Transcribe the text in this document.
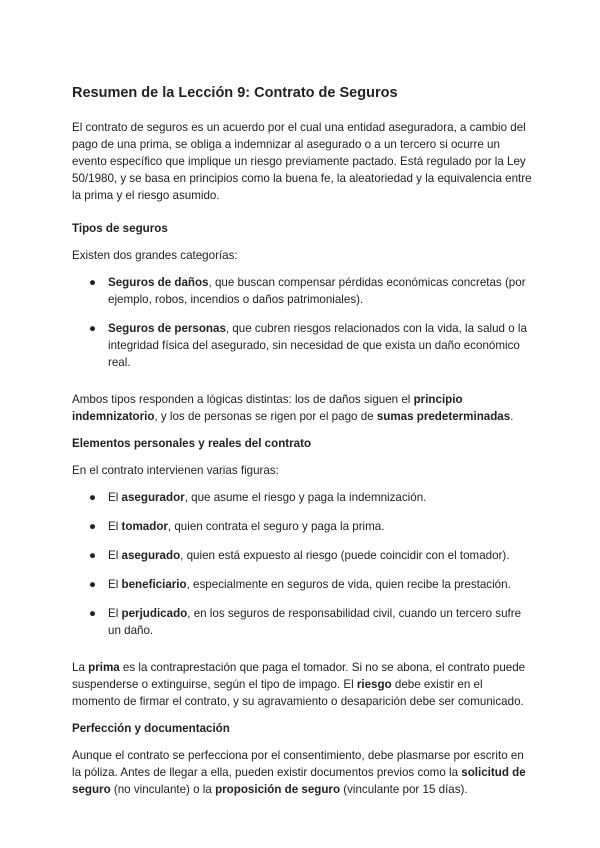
Resumen de la Lección 9: Contrato de Seguros

El contrato de seguros es un acuerdo por el cual una entidad aseguradora, a cambio del pago de una prima, se obliga a indemnizar al asegurado o a un tercero si ocurre un evento específico que implique un riesgo previamente pactado. Está regulado por la Ley 50/1980, y se basa en principios como la buena fe, la aleatoriedad y la equivalencia entre la prima y el riesgo asumido.

Tipos de seguros

Existen dos grandes categorías:

● Seguros de daños, que buscan compensar pérdidas económicas concretas (por ejemplo, robos, incendios o daños patrimoniales).
● Seguros de personas, que cubren riesgos relacionados con la vida, la salud o la integridad física del asegurado, sin necesidad de que exista un daño económico real.

Ambos tipos responden a lógicas distintas: los de daños siguen el principio indemnizatorio, y los de personas se rigen por el pago de sumas predeterminadas.

Elementos personales y reales del contrato

En el contrato intervienen varias figuras:

● El asegurador, que asume el riesgo y paga la indemnización.
● El tomador, quien contrata el seguro y paga la prima.
● El asegurado, quien está expuesto al riesgo (puede coincidir con el tomador).
● El beneficiario, especialmente en seguros de vida, quien recibe la prestación.
● El perjudicado, en los seguros de responsabilidad civil, cuando un tercero sufre un daño.

La prima es la contraprestación que paga el tomador. Si no se abona, el contrato puede suspenderse o extinguirse, según el tipo de impago. El riesgo debe existir en el momento de firmar el contrato, y su agravamiento o desaparición debe ser comunicado.

Perfección y documentación

Aunque el contrato se perfecciona por el consentimiento, debe plasmarse por escrito en la póliza. Antes de llegar a ella, pueden existir documentos previos como la solicitud de seguro (no vinculante) o la proposición de seguro (vinculante por 15 días).
